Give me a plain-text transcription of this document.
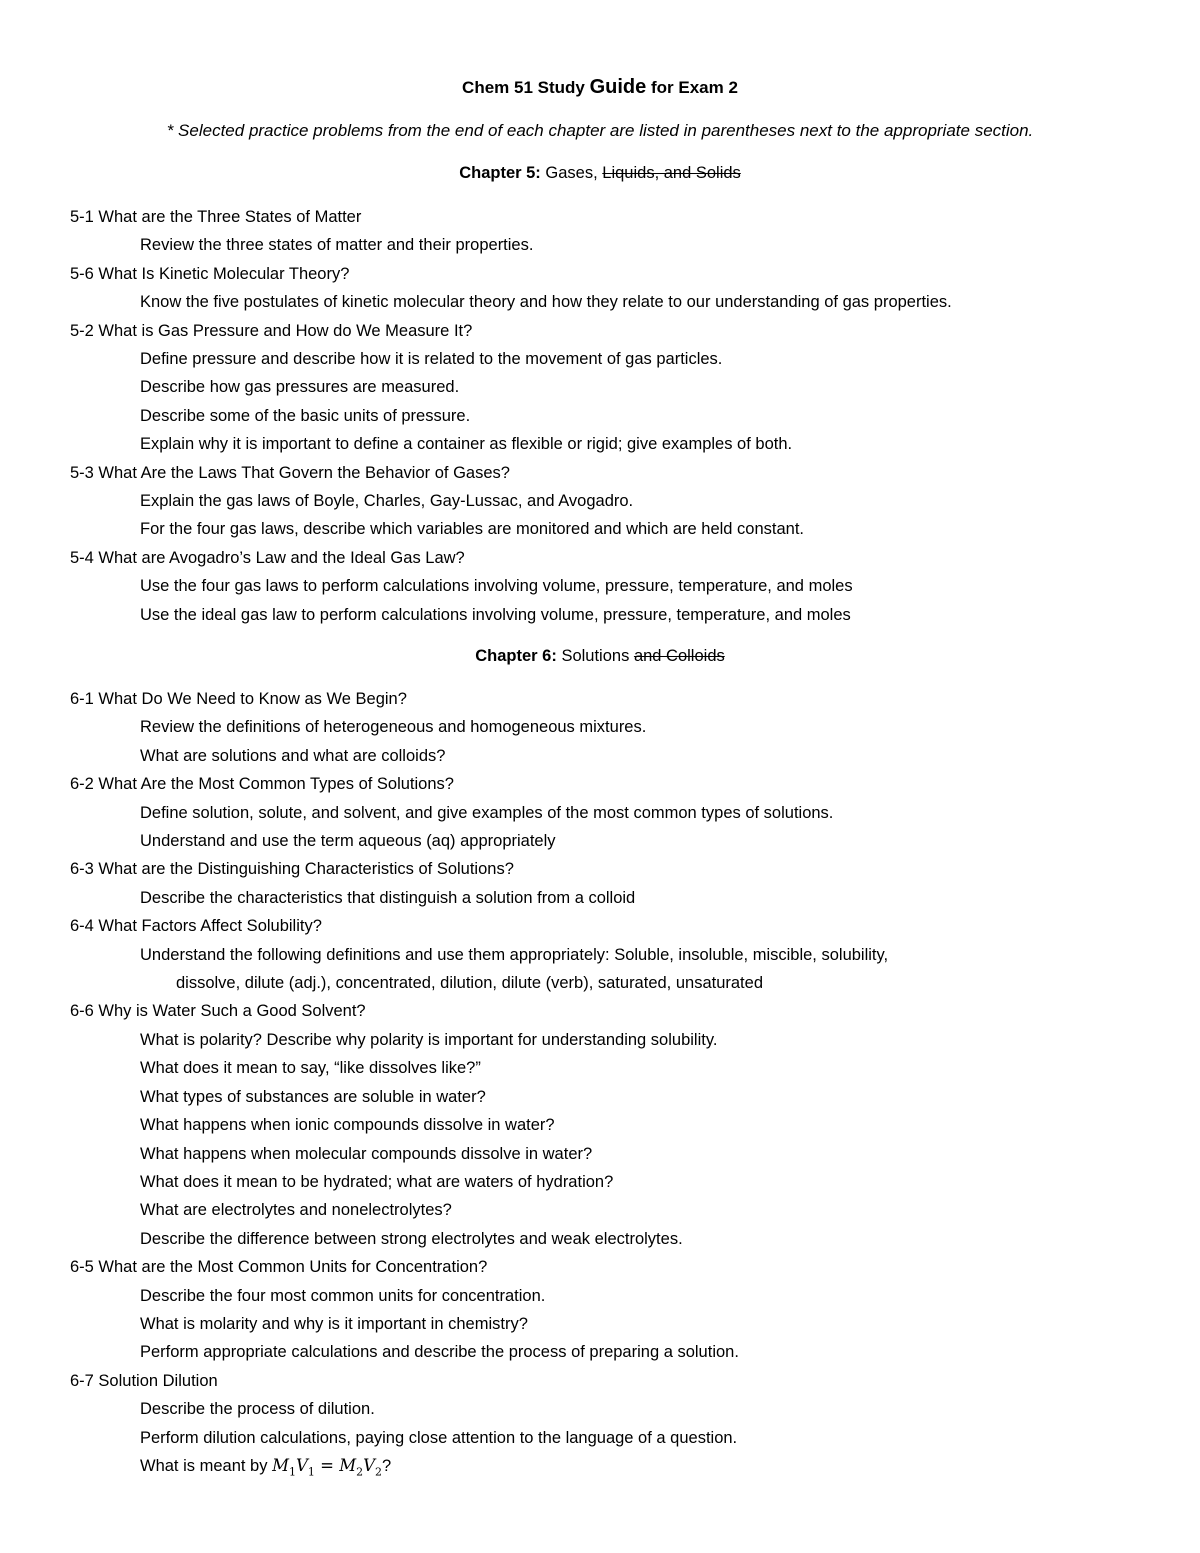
Chem 51 Study Guide for Exam 2
* Selected practice problems from the end of each chapter are listed in parentheses next to the appropriate section.
Chapter 5: Gases, Liquids, and Solids
5-1 What are the Three States of Matter
Review the three states of matter and their properties.
5-6 What Is Kinetic Molecular Theory?
Know the five postulates of kinetic molecular theory and how they relate to our understanding of gas properties.
5-2 What is Gas Pressure and How do We Measure It?
Define pressure and describe how it is related to the movement of gas particles.
Describe how gas pressures are measured.
Describe some of the basic units of pressure.
Explain why it is important to define a container as flexible or rigid; give examples of both.
5-3 What Are the Laws That Govern the Behavior of Gases?
Explain the gas laws of Boyle, Charles, Gay-Lussac, and Avogadro.
For the four gas laws, describe which variables are monitored and which are held constant.
5-4 What are Avogadro’s Law and the Ideal Gas Law?
Use the four gas laws to perform calculations involving volume, pressure, temperature, and moles
Use the ideal gas law to perform calculations involving volume, pressure, temperature, and moles
Chapter 6: Solutions and Colloids
6-1 What Do We Need to Know as We Begin?
Review the definitions of heterogeneous and homogeneous mixtures.
What are solutions and what are colloids?
6-2 What Are the Most Common Types of Solutions?
Define solution, solute, and solvent, and give examples of the most common types of solutions.
Understand and use the term aqueous (aq) appropriately
6-3 What are the Distinguishing Characteristics of Solutions?
Describe the characteristics that distinguish a solution from a colloid
6-4 What Factors Affect Solubility?
Understand the following definitions and use them appropriately: Soluble, insoluble, miscible, solubility,
dissolve, dilute (adj.), concentrated, dilution, dilute (verb), saturated, unsaturated
6-6 Why is Water Such a Good Solvent?
What is polarity? Describe why polarity is important for understanding solubility.
What does it mean to say, “like dissolves like?”
What types of substances are soluble in water?
What happens when ionic compounds dissolve in water?
What happens when molecular compounds dissolve in water?
What does it mean to be hydrated; what are waters of hydration?
What are electrolytes and nonelectrolytes?
Describe the difference between strong electrolytes and weak electrolytes.
6-5 What are the Most Common Units for Concentration?
Describe the four most common units for concentration.
What is molarity and why is it important in chemistry?
Perform appropriate calculations and describe the process of preparing a solution.
6-7 Solution Dilution
Describe the process of dilution.
Perform dilution calculations, paying close attention to the language of a question.
What is meant by $M_1V_1 = M_2V_2$?
